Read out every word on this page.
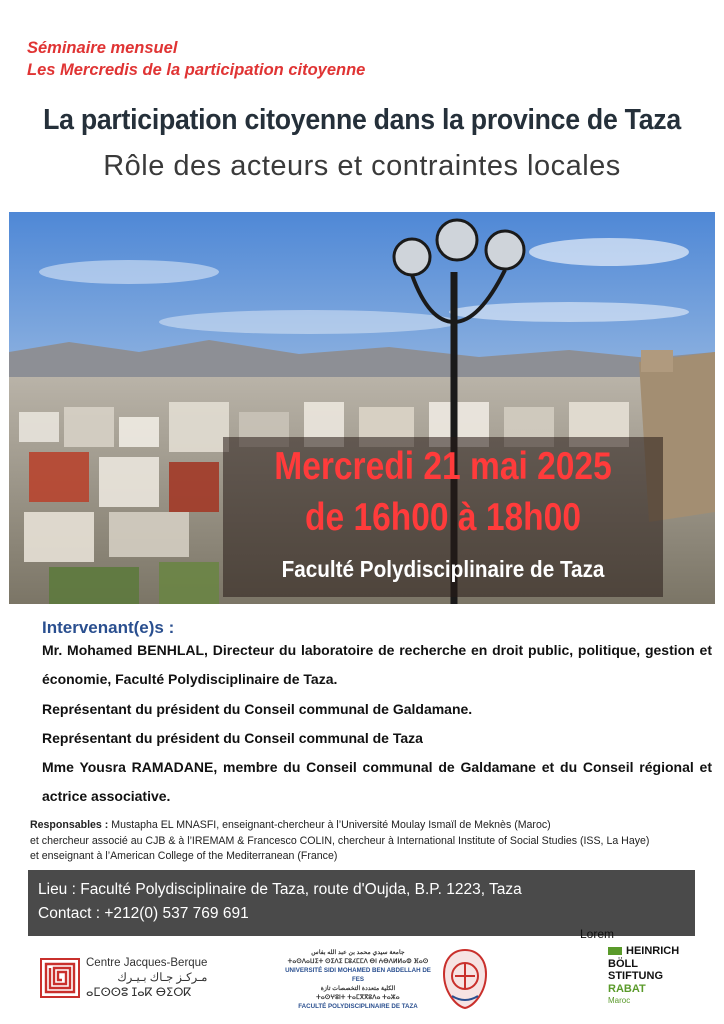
Séminaire mensuel
Les Mercredis de la participation citoyenne
La participation citoyenne dans la province de Taza
Rôle des acteurs et contraintes locales
Mercredi 21 mai 2025
de 16h00 à 18h00
Faculté Polydisciplinaire de Taza
Intervenant(e)s :
Mr. Mohamed BENHLAL, Directeur du laboratoire de recherche en droit public, politique, gestion et économie, Faculté Polydisciplinaire de Taza.
Représentant du président du Conseil communal de Galdamane.
Représentant du président du Conseil communal de Taza
Mme Yousra RAMADANE, membre du Conseil communal de Galdamane et du Conseil régional et actrice associative.
Responsables : Mustapha EL MNASFI, enseignant-chercheur à l’Université Moulay Ismaïl de Meknès (Maroc)
et chercheur associé au CJB & à l’IREMAM & Francesco COLIN, chercheur à International Institute of Social Studies (ISS, La Haye)
et enseignant à l’American College of the Mediterranean (France)
Lieu : Faculté Polydisciplinaire de Taza, route d'Oujda, B.P. 1223, Taza
Contact : +212(0) 537 769 691
Lorem
Centre Jacques-Berque
مـركـز جـاك بـيـرك
ⴰⵎⵙⵙⵓ ⵊⴰⴽ ⴱⵉⵔⴽ
جامعة سيدي محمد بن عبد الله بفاس
ⵜⴰⵙⴷⴰⵡⵉⵜ ⵙⵉⴷⵉ ⵎⵓⵃⵎⵎⴷ ⴱⵏ ⵄⴱⴷⵍⵍⴰⵀ ⴼⴰⵙ
UNIVERSITÉ SIDI MOHAMED BEN ABDELLAH DE FES
الكلية متعددة التخصصات تازة
ⵜⴰⵙⵖⵓⵏⵜ ⵜⴰⵎⴳⴳⵓⴷⴰ ⵜⴰⵣⴰ
FACULTÉ POLYDISCIPLINAIRE DE TAZA
HEINRICH
BÖLL
STIFTUNG
RABAT
Maroc
